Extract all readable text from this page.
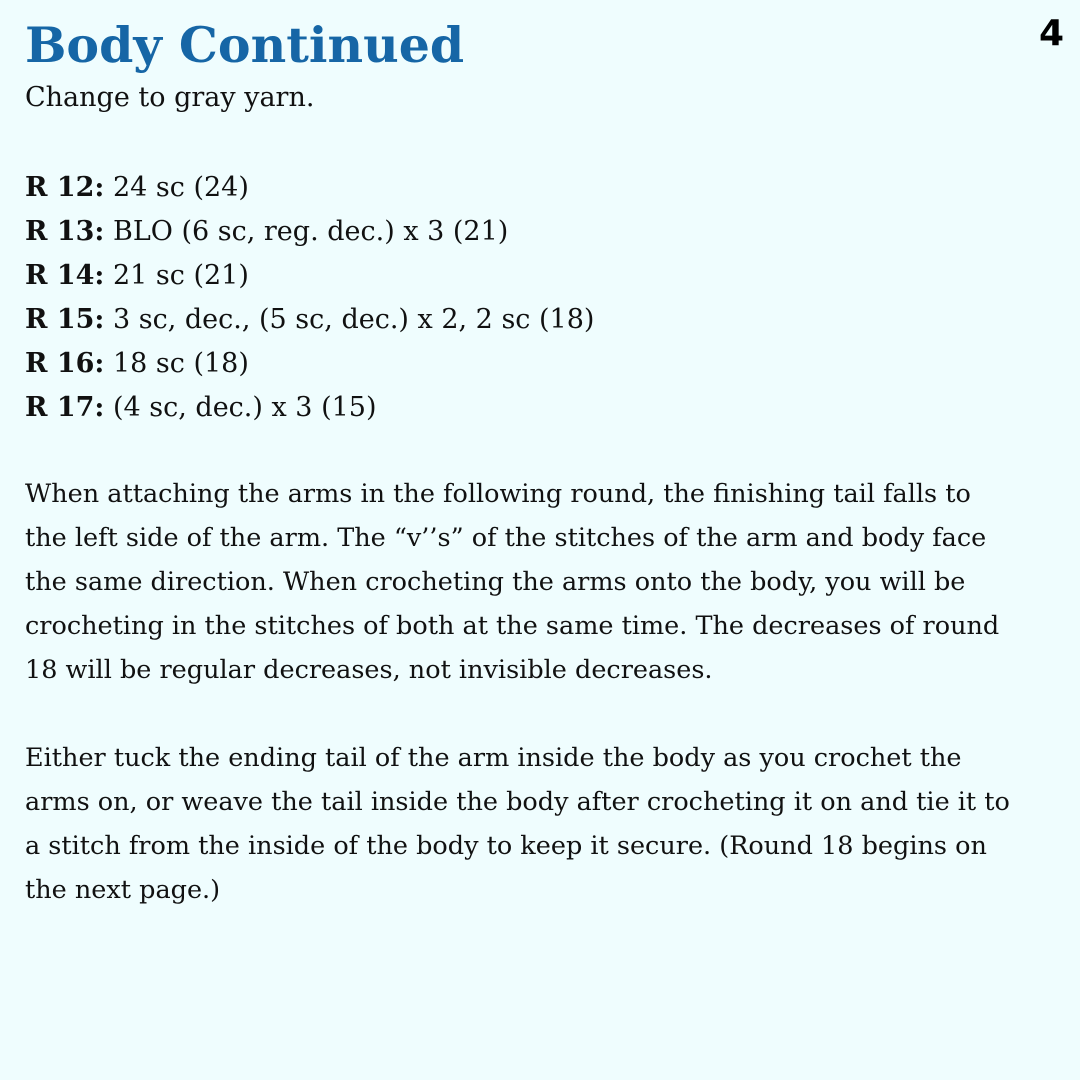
4
Body Continued

Change to gray yarn.

R 12: 24 sc (24)
R 13: BLO (6 sc, reg. dec.) x 3 (21)
R 14: 21 sc (21)
R 15: 3 sc, dec., (5 sc, dec.) x 2, 2 sc (18)
R 16: 18 sc (18)
R 17: (4 sc, dec.) x 3 (15)

When attaching the arms in the following round, the finishing tail falls to
the left side of the arm. The “v’’s” of the stitches of the arm and body face
the same direction. When crocheting the arms onto the body, you will be
crocheting in the stitches of both at the same time. The decreases of round
18 will be regular decreases, not invisible decreases.

Either tuck the ending tail of the arm inside the body as you crochet the
arms on, or weave the tail inside the body after crocheting it on and tie it to
a stitch from the inside of the body to keep it secure. (Round 18 begins on
the next page.)
